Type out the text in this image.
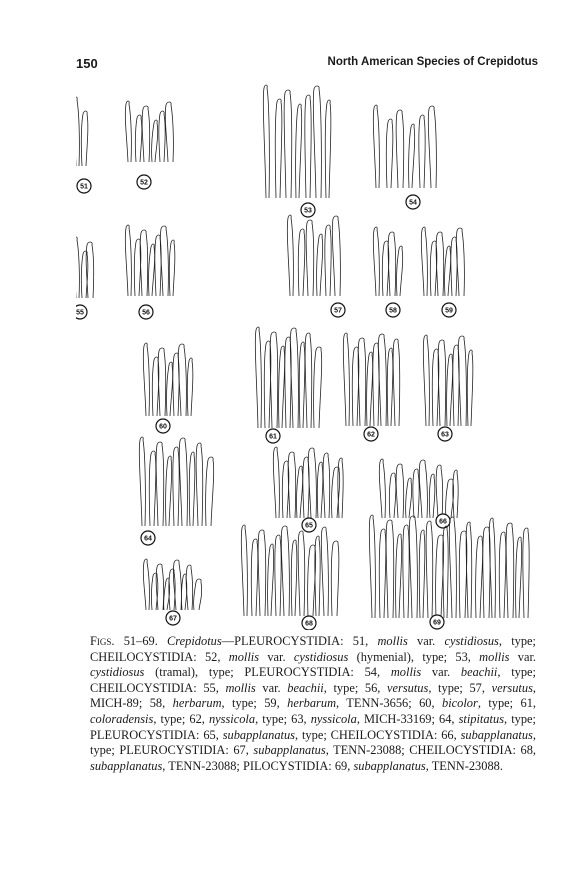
150	North American Species of Crepidotus
51
52
53
54
55	56	57	58	59
60
61	62	63
64
65
66
67
68	69
Figs. 51–69. Crepidotus—PLEUROCYSTIDIA: 51, mollis var. cystidiosus, type; CHEILOCYSTIDIA: 52, mollis var. cystidiosus (hymenial), type; 53, mollis var. cystidiosus (tramal), type; PLEUROCYSTIDIA: 54, mollis var. beachii, type; CHEILOCYSTIDIA: 55, mollis var. beachii, type; 56, versutus, type; 57, versutus, MICH-89; 58, herbarum, type; 59, herbarum, TENN-3656; 60, bicolor, type; 61, coloradensis, type; 62, nyssicola, type; 63, nyssicola, MICH-33169; 64, stipitatus, type; PLEUROCYSTIDIA: 65, subapplanatus, type; CHEILOCYSTIDIA: 66, subapplanatus, type; PLEUROCYSTIDIA: 67, subapplanatus, TENN-23088; CHEILOCYSTIDIA: 68, subapplanatus, TENN-23088; PILOCYSTIDIA: 69, subapplanatus, TENN-23088.
